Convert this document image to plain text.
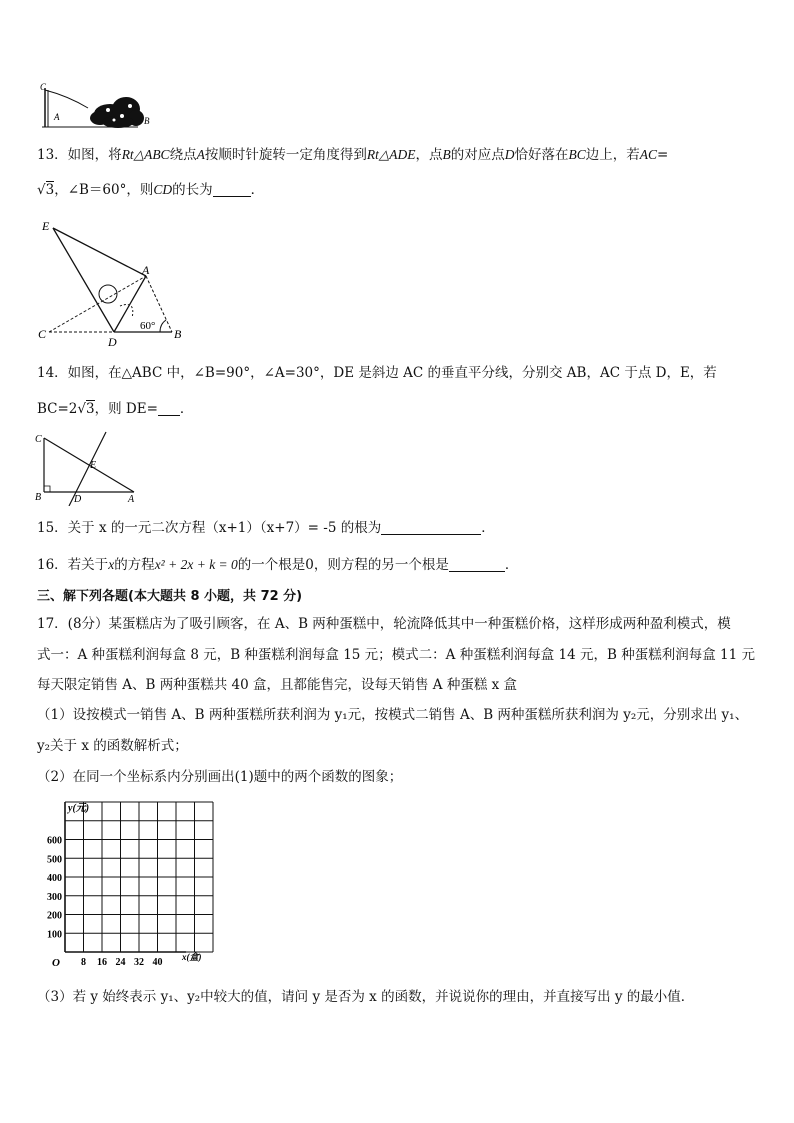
C
A	B
13．如图，将Rt△ABC绕点A按顺时针旋转一定角度得到Rt△ADE，点B的对应点D恰好落在BC边上，若AC=
√3，∠B＝60°，则CD的长为	．
E
A
C
D
B
60°
14．如图，在△ABC 中，∠B=90°，∠A=30°，DE 是斜边 AC 的垂直平分线，分别交 AB，AC 于点 D，E，若
BC=2√3，则 DE= ．
C
E
B	D	A
15．关于 x 的一元二次方程（x+1）（x+7）= -5 的根为	．
16．若关于x的方程x² + 2x + k = 0的一个根是0，则方程的另一个根是	．
三、解下列各题(本大题共 8 小题，共 72 分)
17．(8分）某蛋糕店为了吸引顾客，在 A、B 两种蛋糕中，轮流降低其中一种蛋糕价格，这样形成两种盈利模式，模
式一：A 种蛋糕利润每盒 8 元，B 种蛋糕利润每盒 15 元；模式二：A 种蛋糕利润每盒 14 元，B 种蛋糕利润每盒 11 元
每天限定销售 A、B 两种蛋糕共 40 盒，且都能售完，设每天销售 A 种蛋糕 x 盒
（1）设按模式一销售 A、B 两种蛋糕所获利润为 y₁元，按模式二销售 A、B 两种蛋糕所获利润为 y₂元，分别求出 y₁、
y₂关于 x 的函数解析式；
（2）在同一个坐标系内分别画出(1)题中的两个函数的图象；
y(元)
x(盒)
O
600
500
400
300
200
100
8 16 24 32 40
（3）若 y 始终表示 y₁、y₂中较大的值，请问 y 是否为 x 的函数，并说说你的理由，并直接写出 y 的最小值．
